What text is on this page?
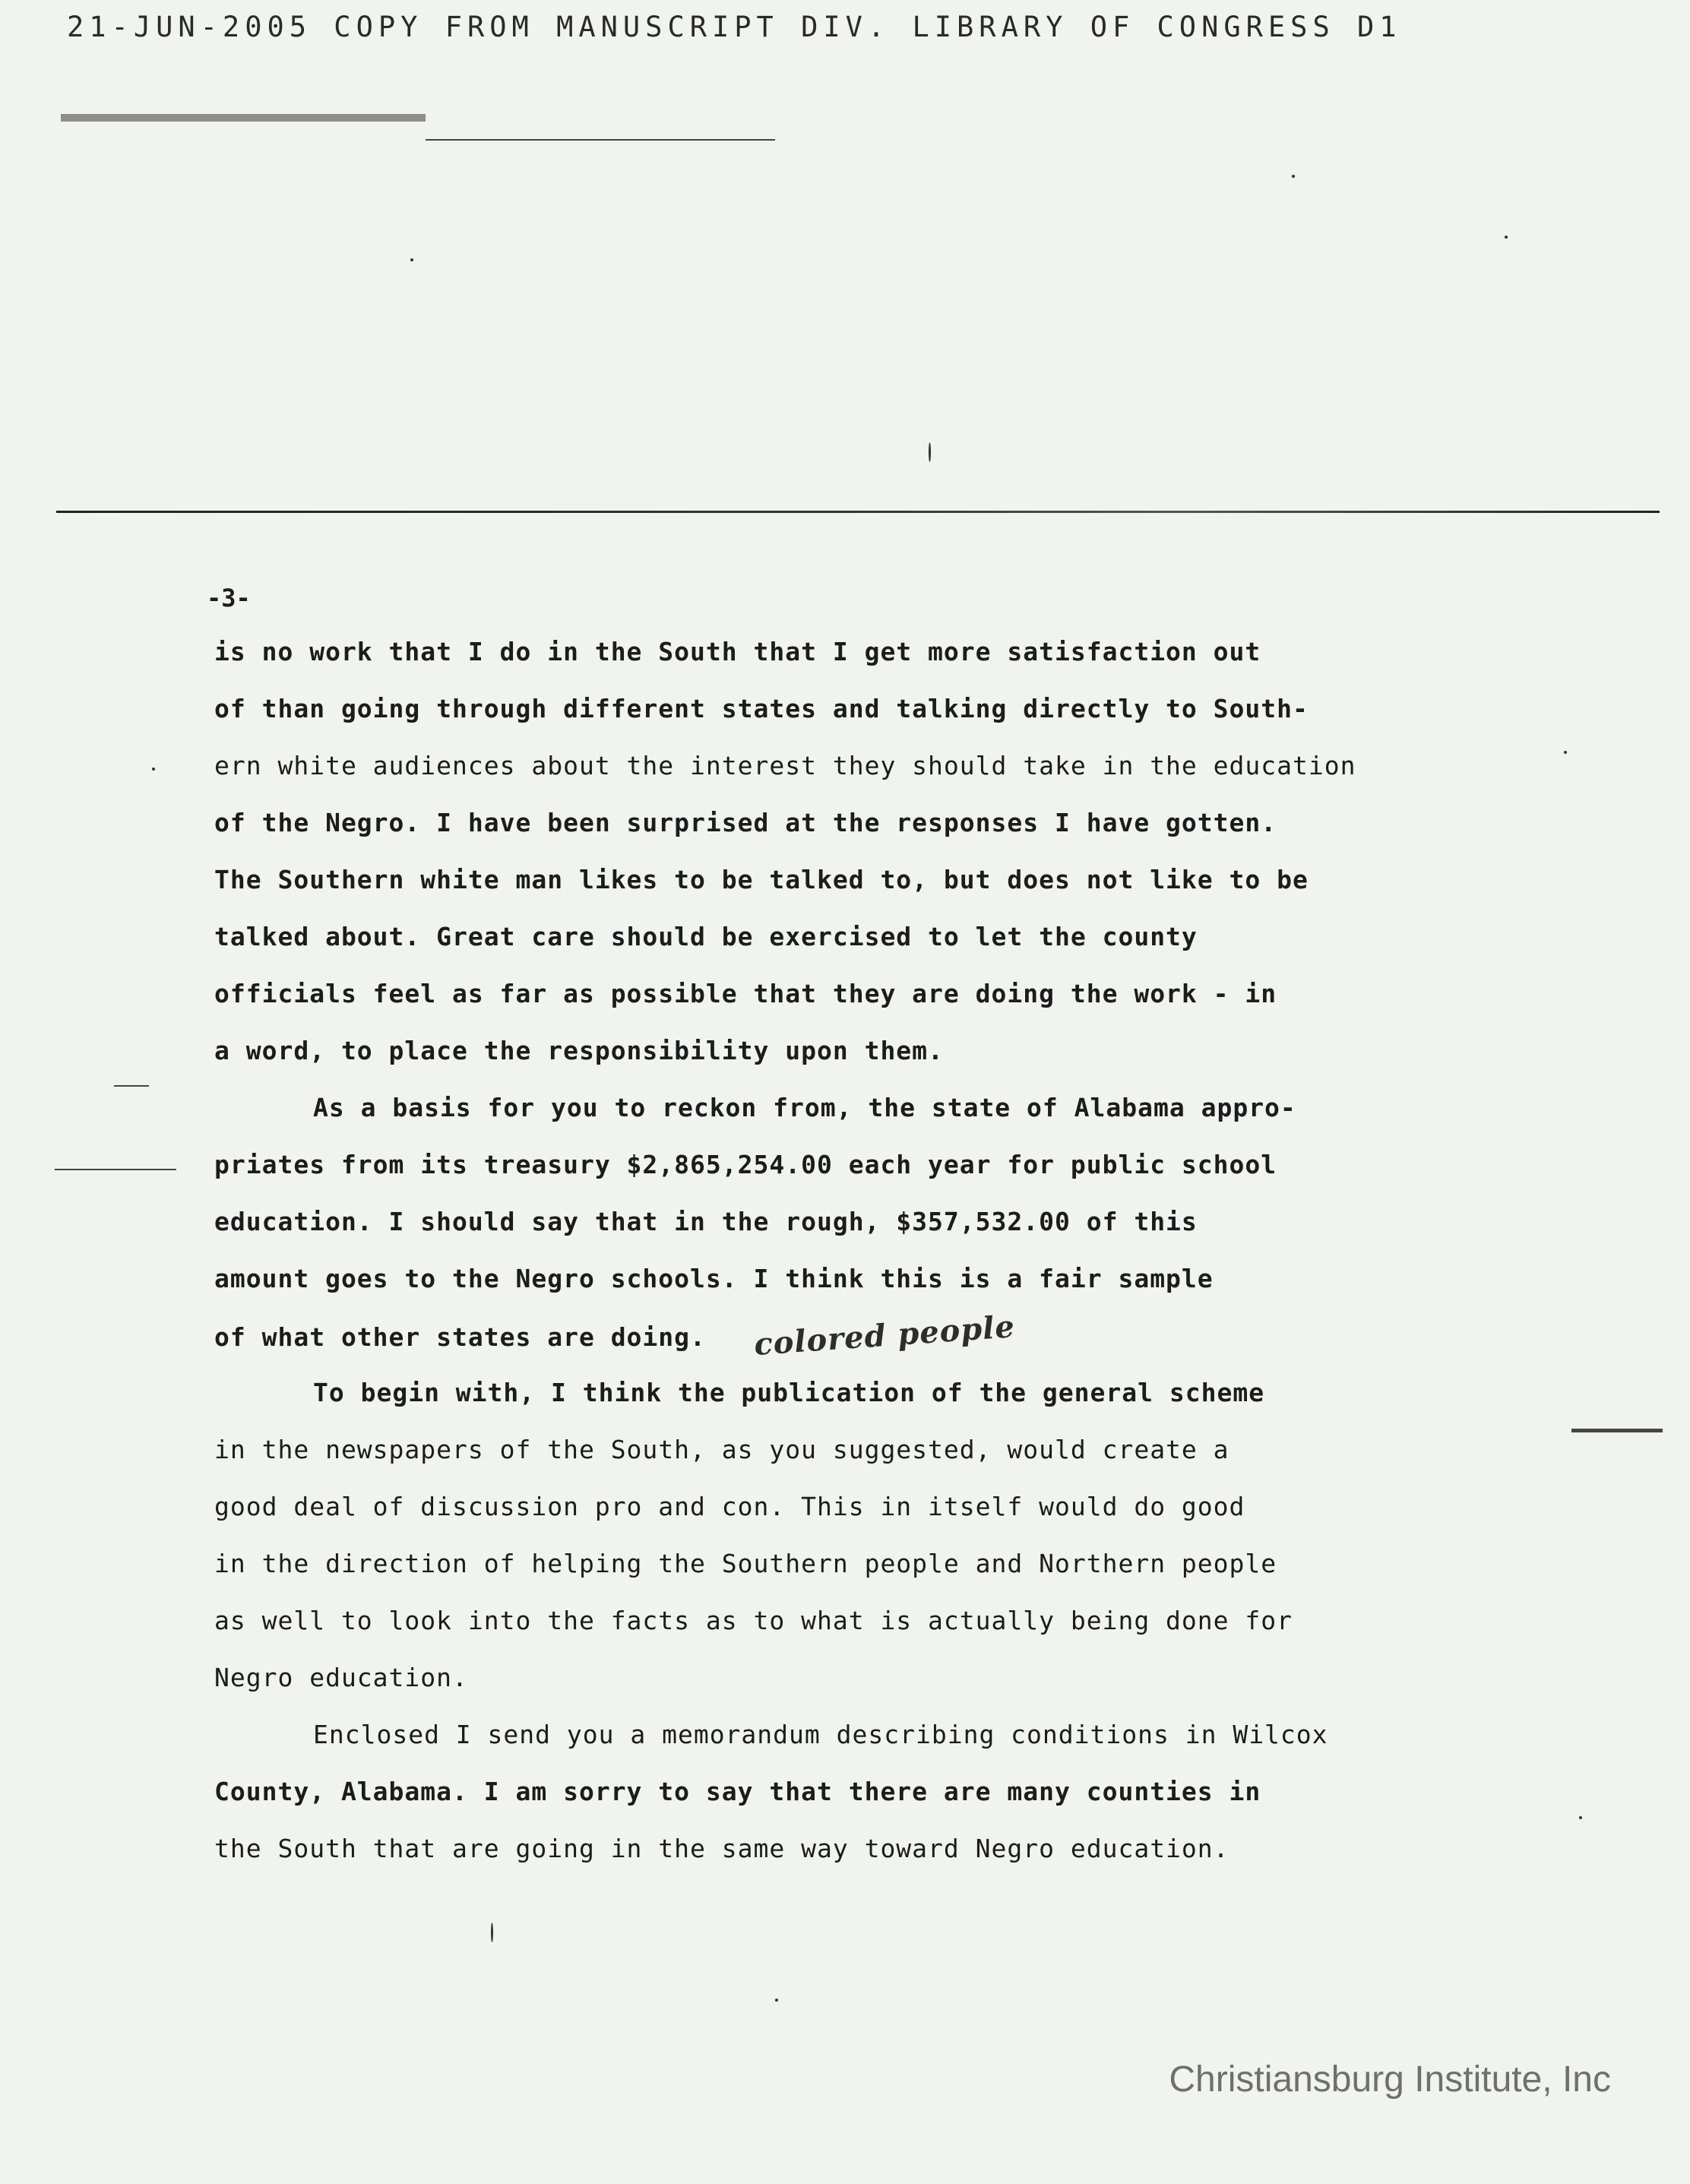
21-JUN-2005 COPY FROM MANUSCRIPT DIV. LIBRARY OF CONGRESS D1
-3-
is no work that I do in the South that I get more satisfaction out
of than going through different states and talking directly to South-
ern white audiences about the interest they should take in the education
of the Negro. I have been surprised at the responses I have gotten.
The Southern white man likes to be talked to, but does not like to be
talked about. Great care should be exercised to let the county
officials feel as far as possible that they are doing the work - in
a word, to place the responsibility upon them.
As a basis for you to reckon from, the state of Alabama appro-
priates from its treasury $2,865,254.00 each year for public school
education. I should say that in the rough, $357,532.00 of this
amount goes to the Negro schools. I think this is a fair sample
of what other states are doing. colored people
To begin with, I think the publication of the general scheme
in the newspapers of the South, as you suggested, would create a
good deal of discussion pro and con. This in itself would do good
in the direction of helping the Southern people and Northern people
as well to look into the facts as to what is actually being done for
Negro education.
Enclosed I send you a memorandum describing conditions in Wilcox
County, Alabama. I am sorry to say that there are many counties in
the South that are going in the same way toward Negro education.
Christiansburg Institute, Inc
